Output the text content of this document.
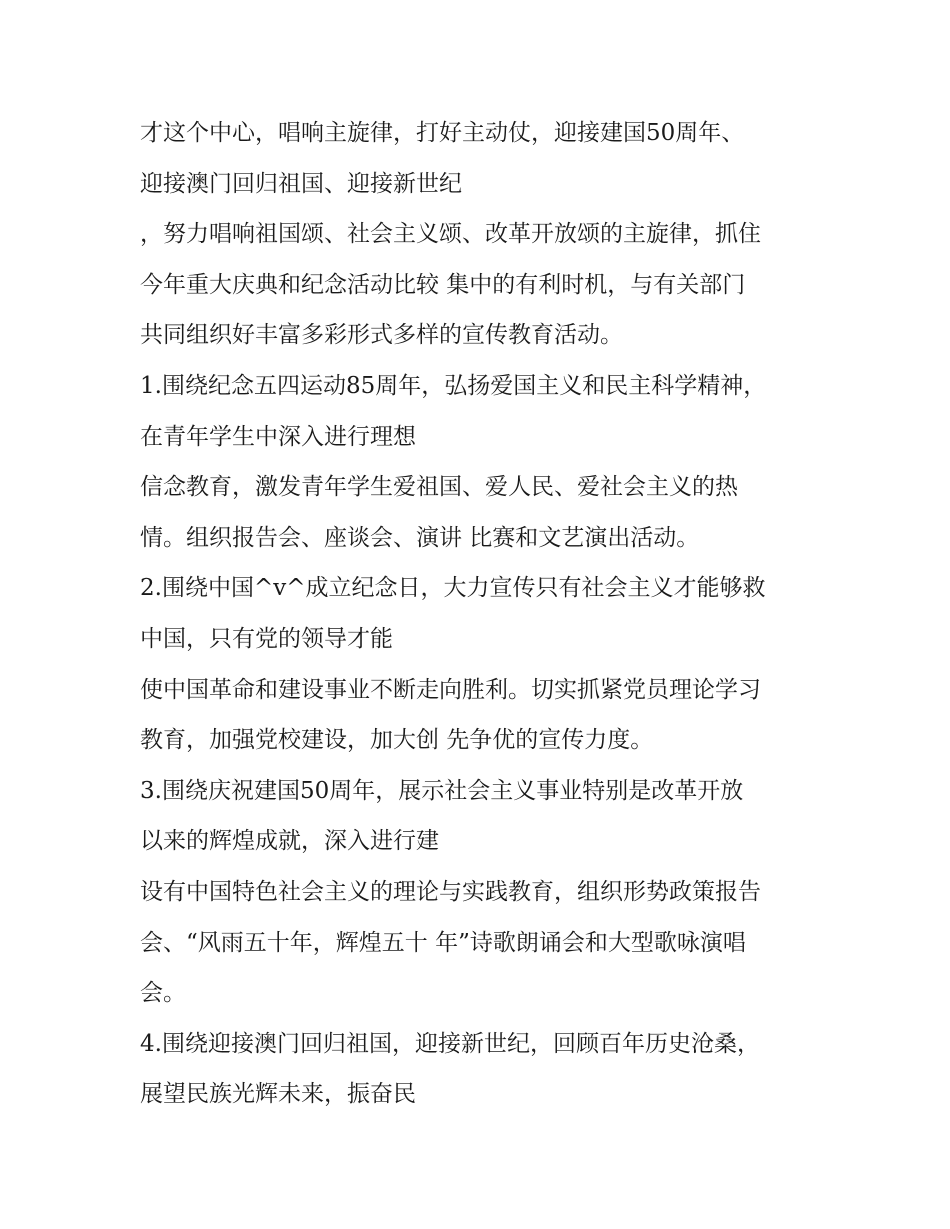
才这个中心，唱响主旋律，打好主动仗，迎接建国50周年、
迎接澳门回归祖国、迎接新世纪
，努力唱响祖国颂、社会主义颂、改革开放颂的主旋律，抓住
今年重大庆典和纪念活动比较 集中的有利时机，与有关部门
共同组织好丰富多彩形式多样的宣传教育活动。
1.围绕纪念五四运动85周年，弘扬爱国主义和民主科学精神，
在青年学生中深入进行理想
信念教育，激发青年学生爱祖国、爱人民、爱社会主义的热
情。组织报告会、座谈会、演讲 比赛和文艺演出活动。
2.围绕中国^v^成立纪念日，大力宣传只有社会主义才能够救
中国，只有党的领导才能
使中国革命和建设事业不断走向胜利。切实抓紧党员理论学习
教育，加强党校建设，加大创 先争优的宣传力度。
3.围绕庆祝建国50周年，展示社会主义事业特别是改革开放
以来的辉煌成就，深入进行建
设有中国特色社会主义的理论与实践教育，组织形势政策报告
会、“风雨五十年，辉煌五十 年”诗歌朗诵会和大型歌咏演唱
会。
4.围绕迎接澳门回归祖国，迎接新世纪，回顾百年历史沧桑，
展望民族光辉未来，振奋民
